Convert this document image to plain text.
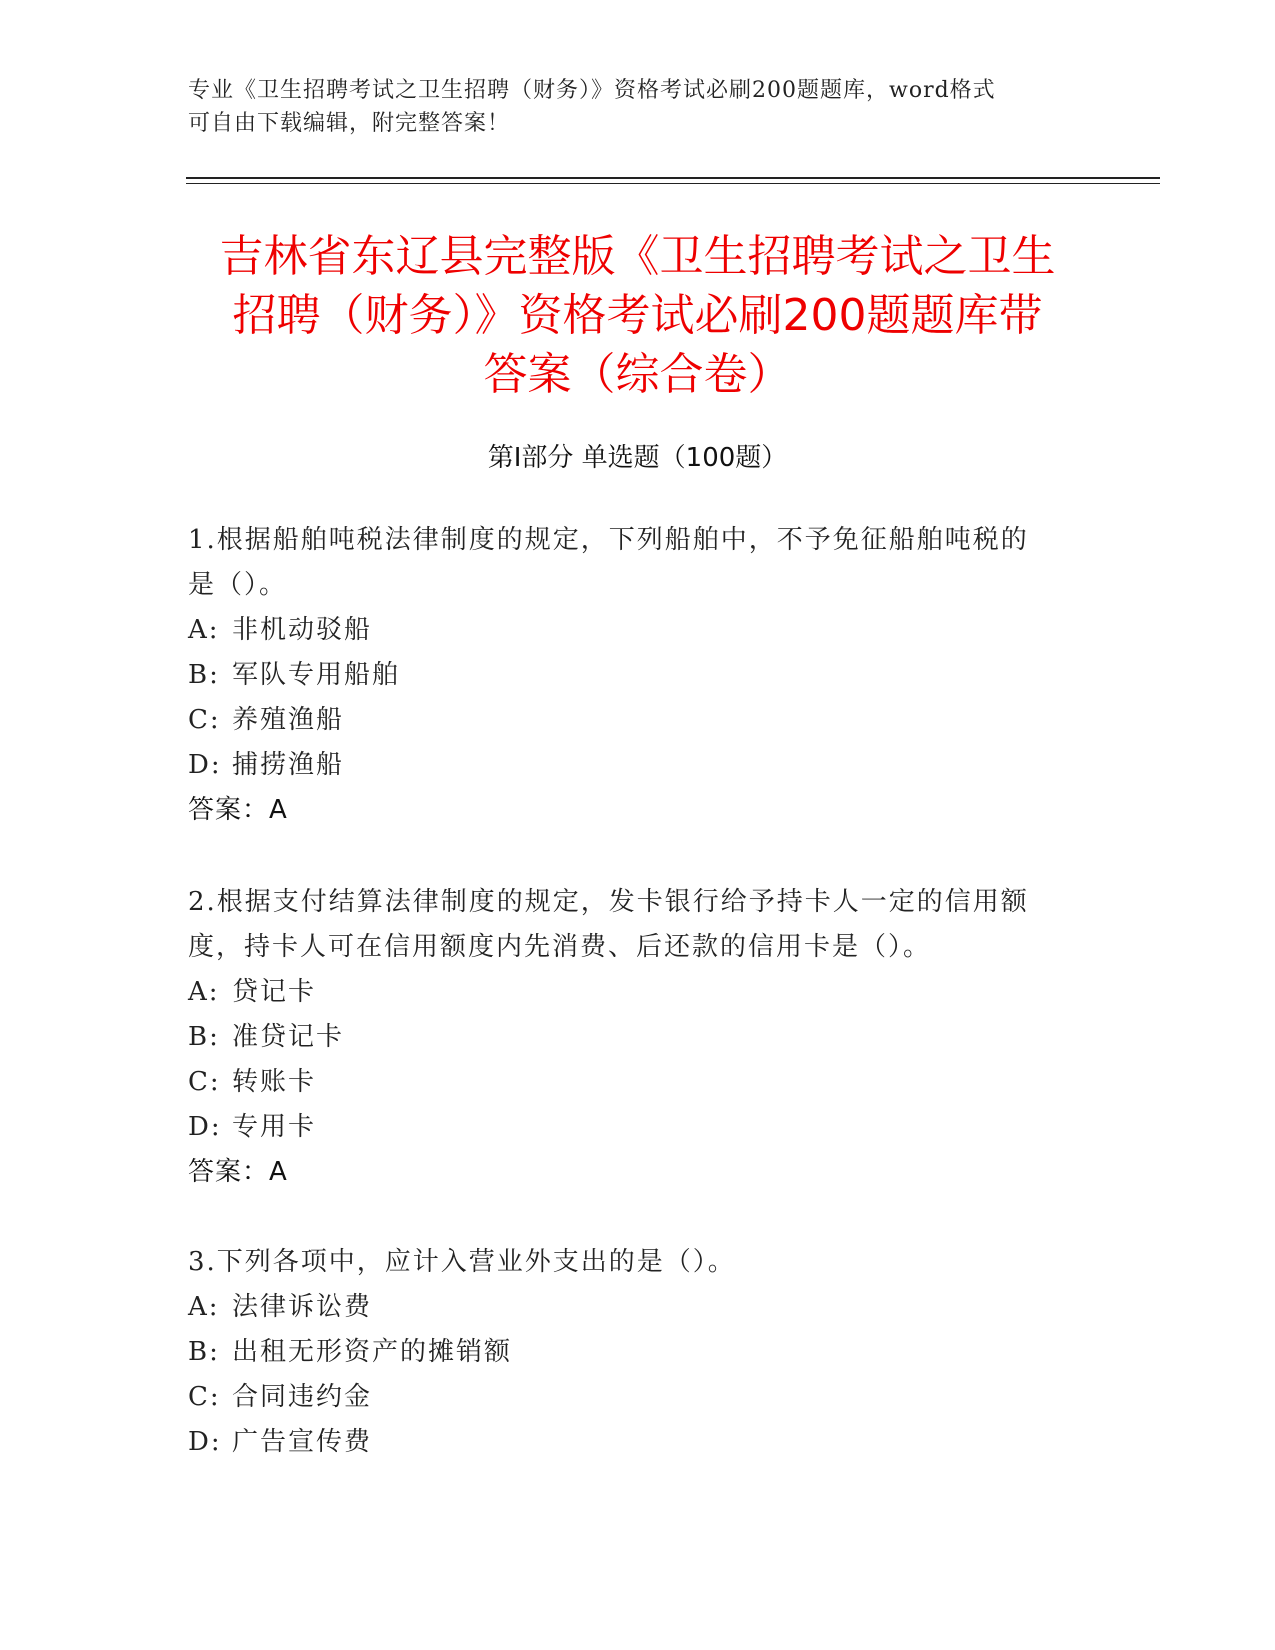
专业《卫生招聘考试之卫生招聘（财务）》资格考试必刷200题题库，word格式
可自由下载编辑，附完整答案！
吉林省东辽县完整版《卫生招聘考试之卫生
招聘（财务）》资格考试必刷200题题库带
答案（综合卷）
第Ⅰ部分 单选题（100题）
1.根据船舶吨税法律制度的规定，下列船舶中，不予免征船舶吨税的
是（）。
A: 非机动驳船
B: 军队专用船舶
C: 养殖渔船
D: 捕捞渔船
答案：A
2.根据支付结算法律制度的规定，发卡银行给予持卡人一定的信用额
度，持卡人可在信用额度内先消费、后还款的信用卡是（）。
A: 贷记卡
B: 准贷记卡
C: 转账卡
D: 专用卡
答案：A
3.下列各项中，应计入营业外支出的是（）。
A: 法律诉讼费
B: 出租无形资产的摊销额
C: 合同违约金
D: 广告宣传费
